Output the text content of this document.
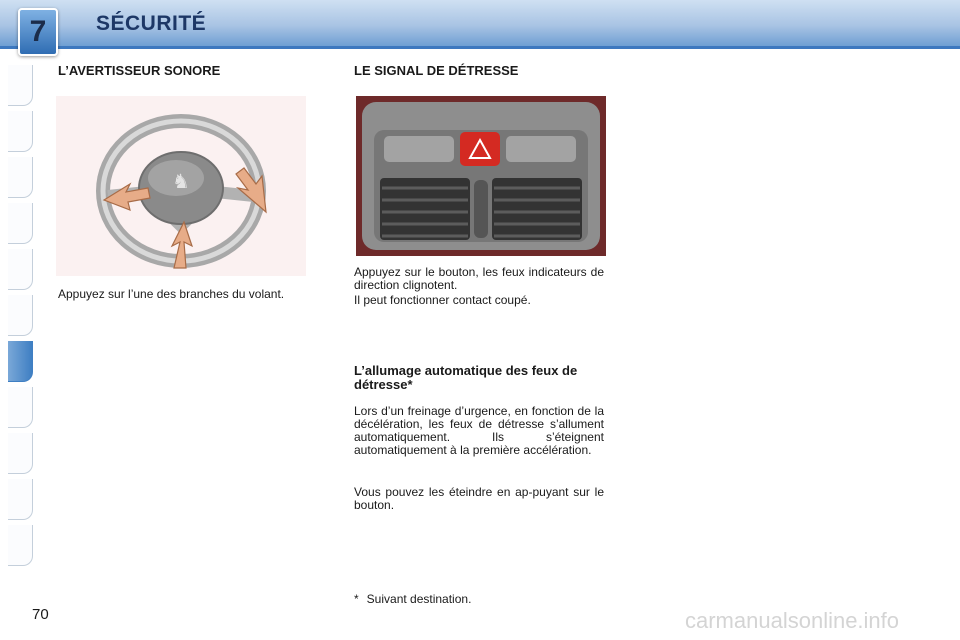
7	SÉCURITÉ
L’AVERTISSEUR SONORE
♞

Appuyez sur l’une des branches du volant.

LE SIGNAL DE DÉTRESSE

Appuyez sur le bouton, les feux indicateurs de direction clignotent.

Il peut fonctionner contact coupé.

L’allumage automatique des feux de détresse*

Lors d’un freinage d’urgence, en fonction de la décélération, les feux de détresse s’allument automatiquement. Ils s’éteignent automatiquement à la première accélération.

Vous pouvez les éteindre en ap-puyant sur le bouton.

* Suivant destination.
70	carmanualsonline.info
